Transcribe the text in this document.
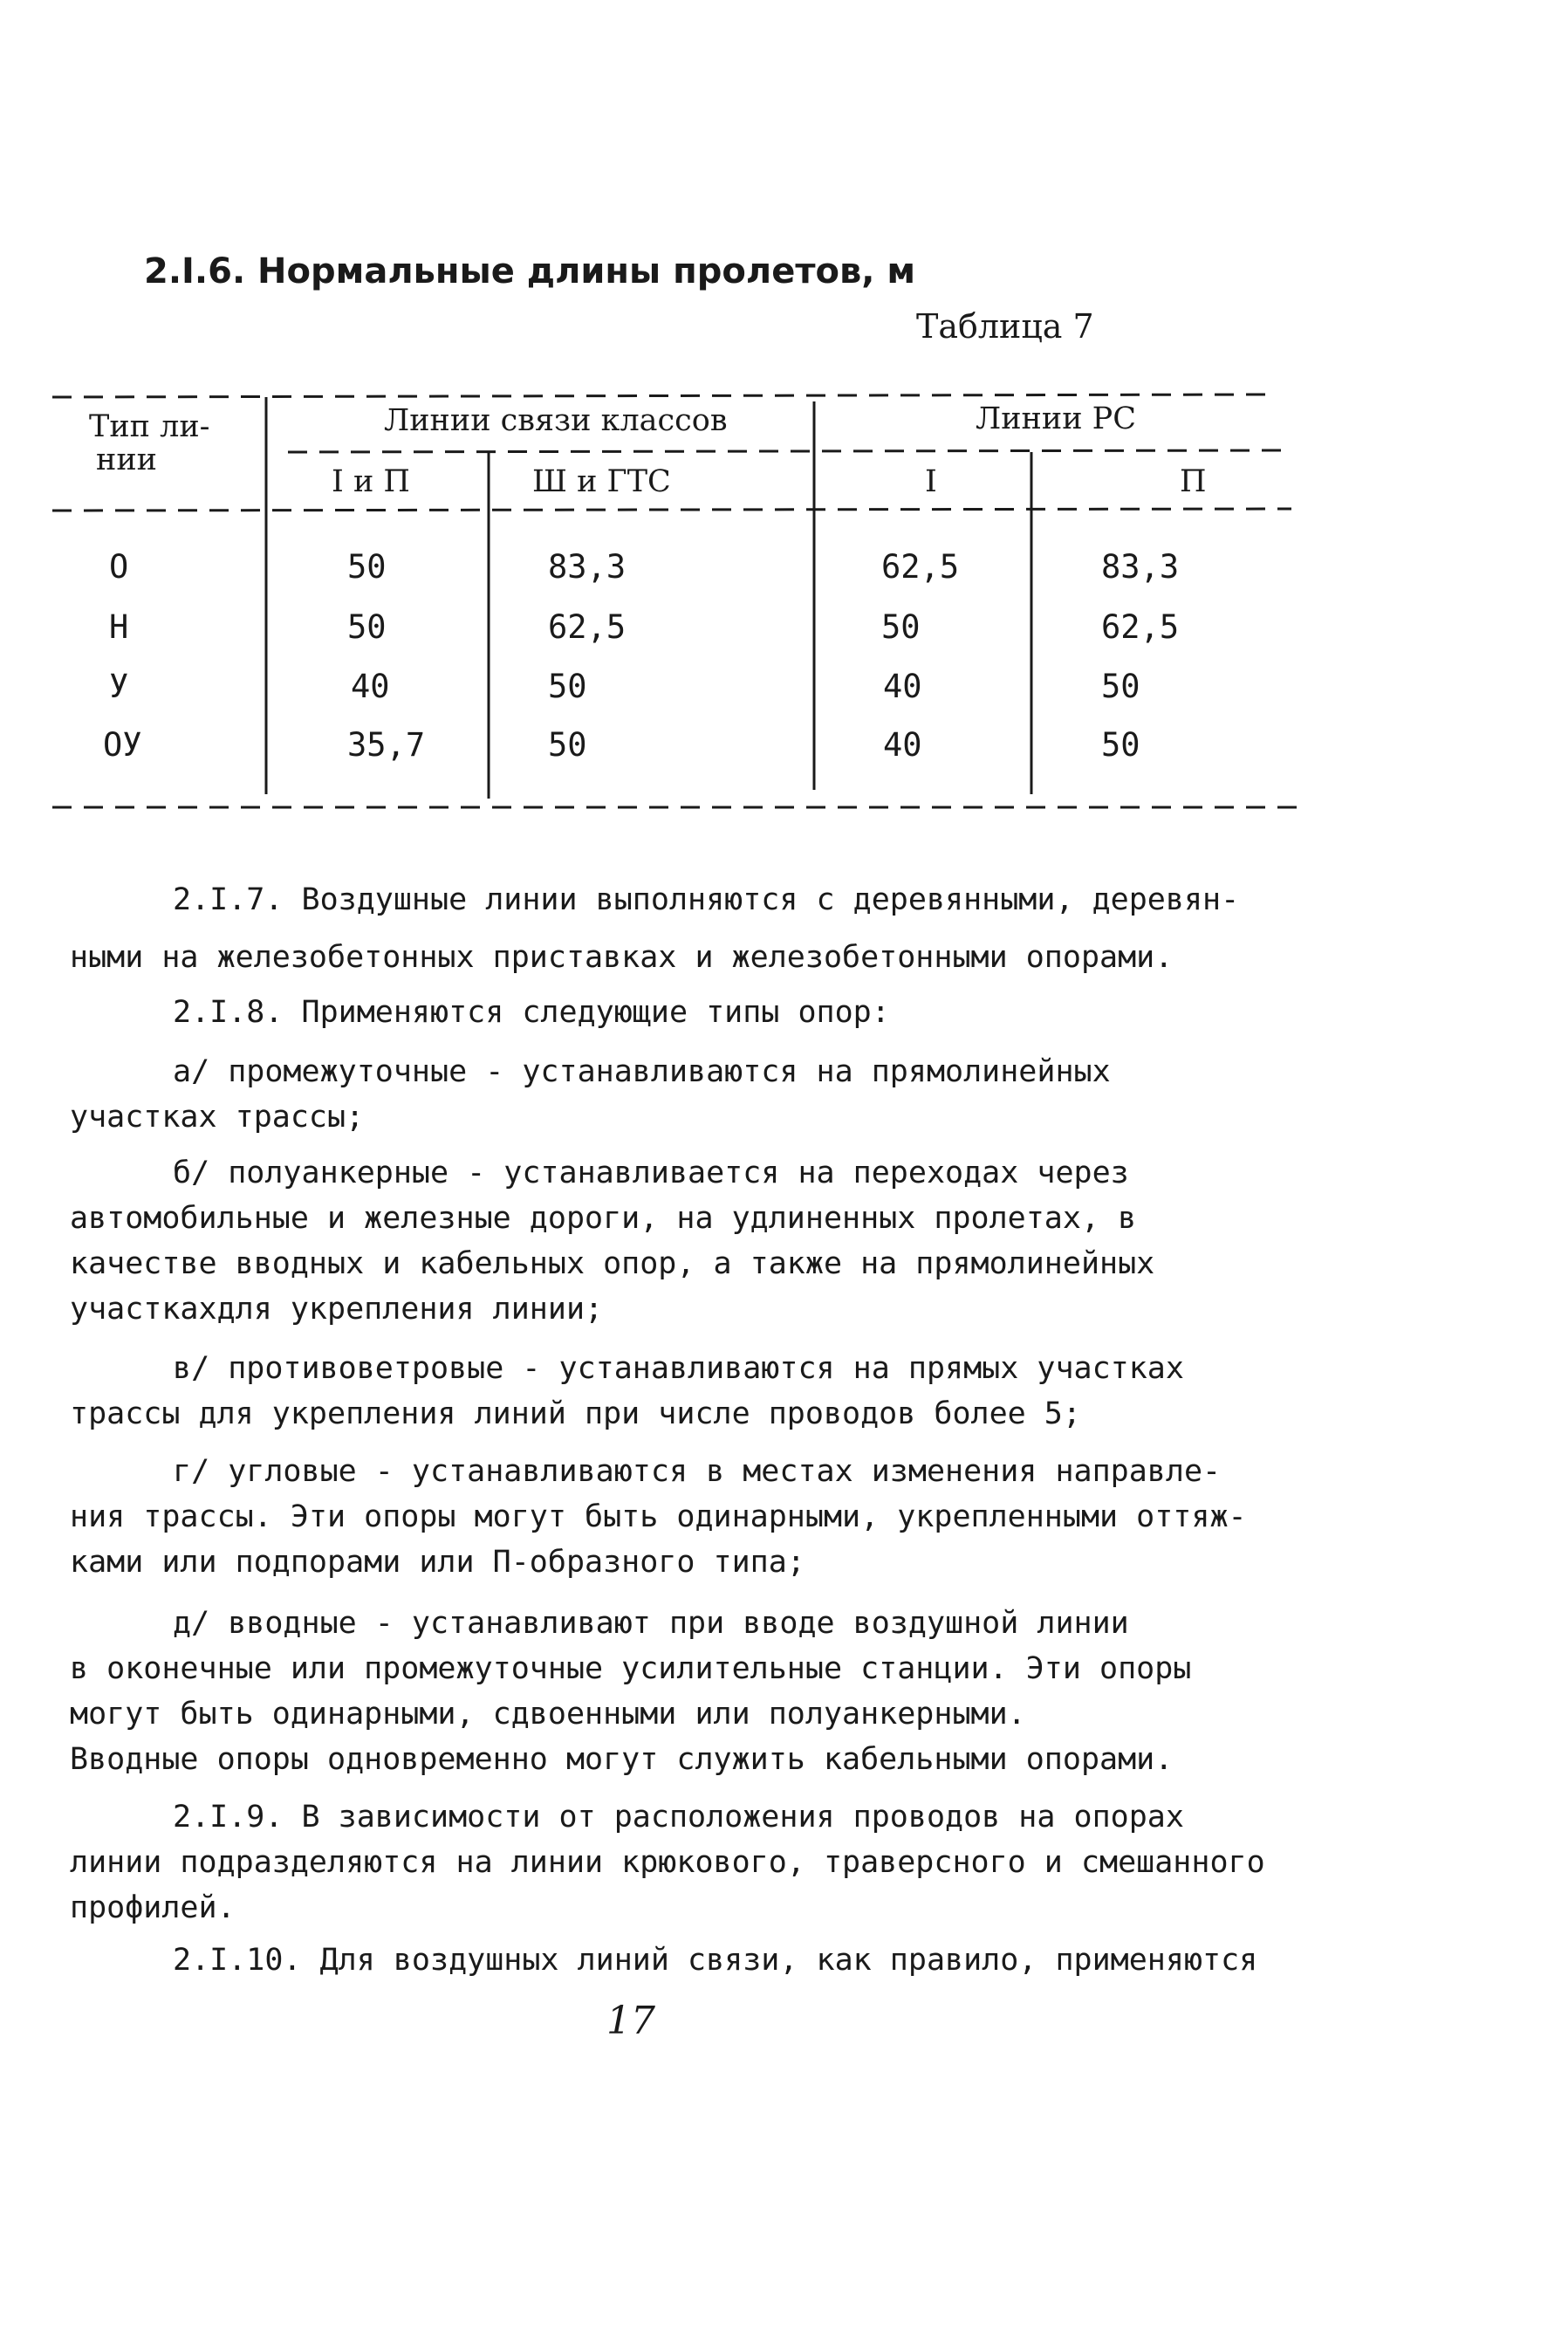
2.I.6. Нормальные длины пролетов, м
Таблица 7
Тип ли-
нии
Линии связи классов	Линии РС
I и П	Ш и ГТС	I	П
О	50	83,3	62,5	83,3
Н	50	62,5	50	62,5
У	40	50	40	50
ОУ	35,7	50	40	50
2.I.7. Воздушные линии выполняются с деревянными, деревян-
ными на железобетонных приставках и железобетонными опорами.
2.I.8. Применяются следующие типы опор:
а/ промежуточные - устанавливаются на прямолинейных
участках трассы;
б/ полуанкерные - устанавливается на переходах через
автомобильные и железные дороги, на удлиненных пролетах, в
качестве вводных и кабельных опор, а также на прямолинейных
участкахдля укрепления линии;
в/ противоветровые - устанавливаются на прямых участках
трассы для укрепления линий при числе проводов более 5;
г/ угловые - устанавливаются в местах изменения направле-
ния трассы. Эти опоры могут быть одинарными, укрепленными оттяж-
ками или подпорами или П-образного типа;
д/ вводные - устанавливают при вводе воздушной линии
в оконечные или промежуточные усилительные станции. Эти опоры
могут быть одинарными, сдвоенными или полуанкерными.
Вводные опоры одновременно могут служить кабельными опорами.
2.I.9. В зависимости от расположения проводов на опорах
линии подразделяются на линии крюкового, траверсного и смешанного
профилей.
2.I.10. Для воздушных линий связи, как правило, применяются
17
